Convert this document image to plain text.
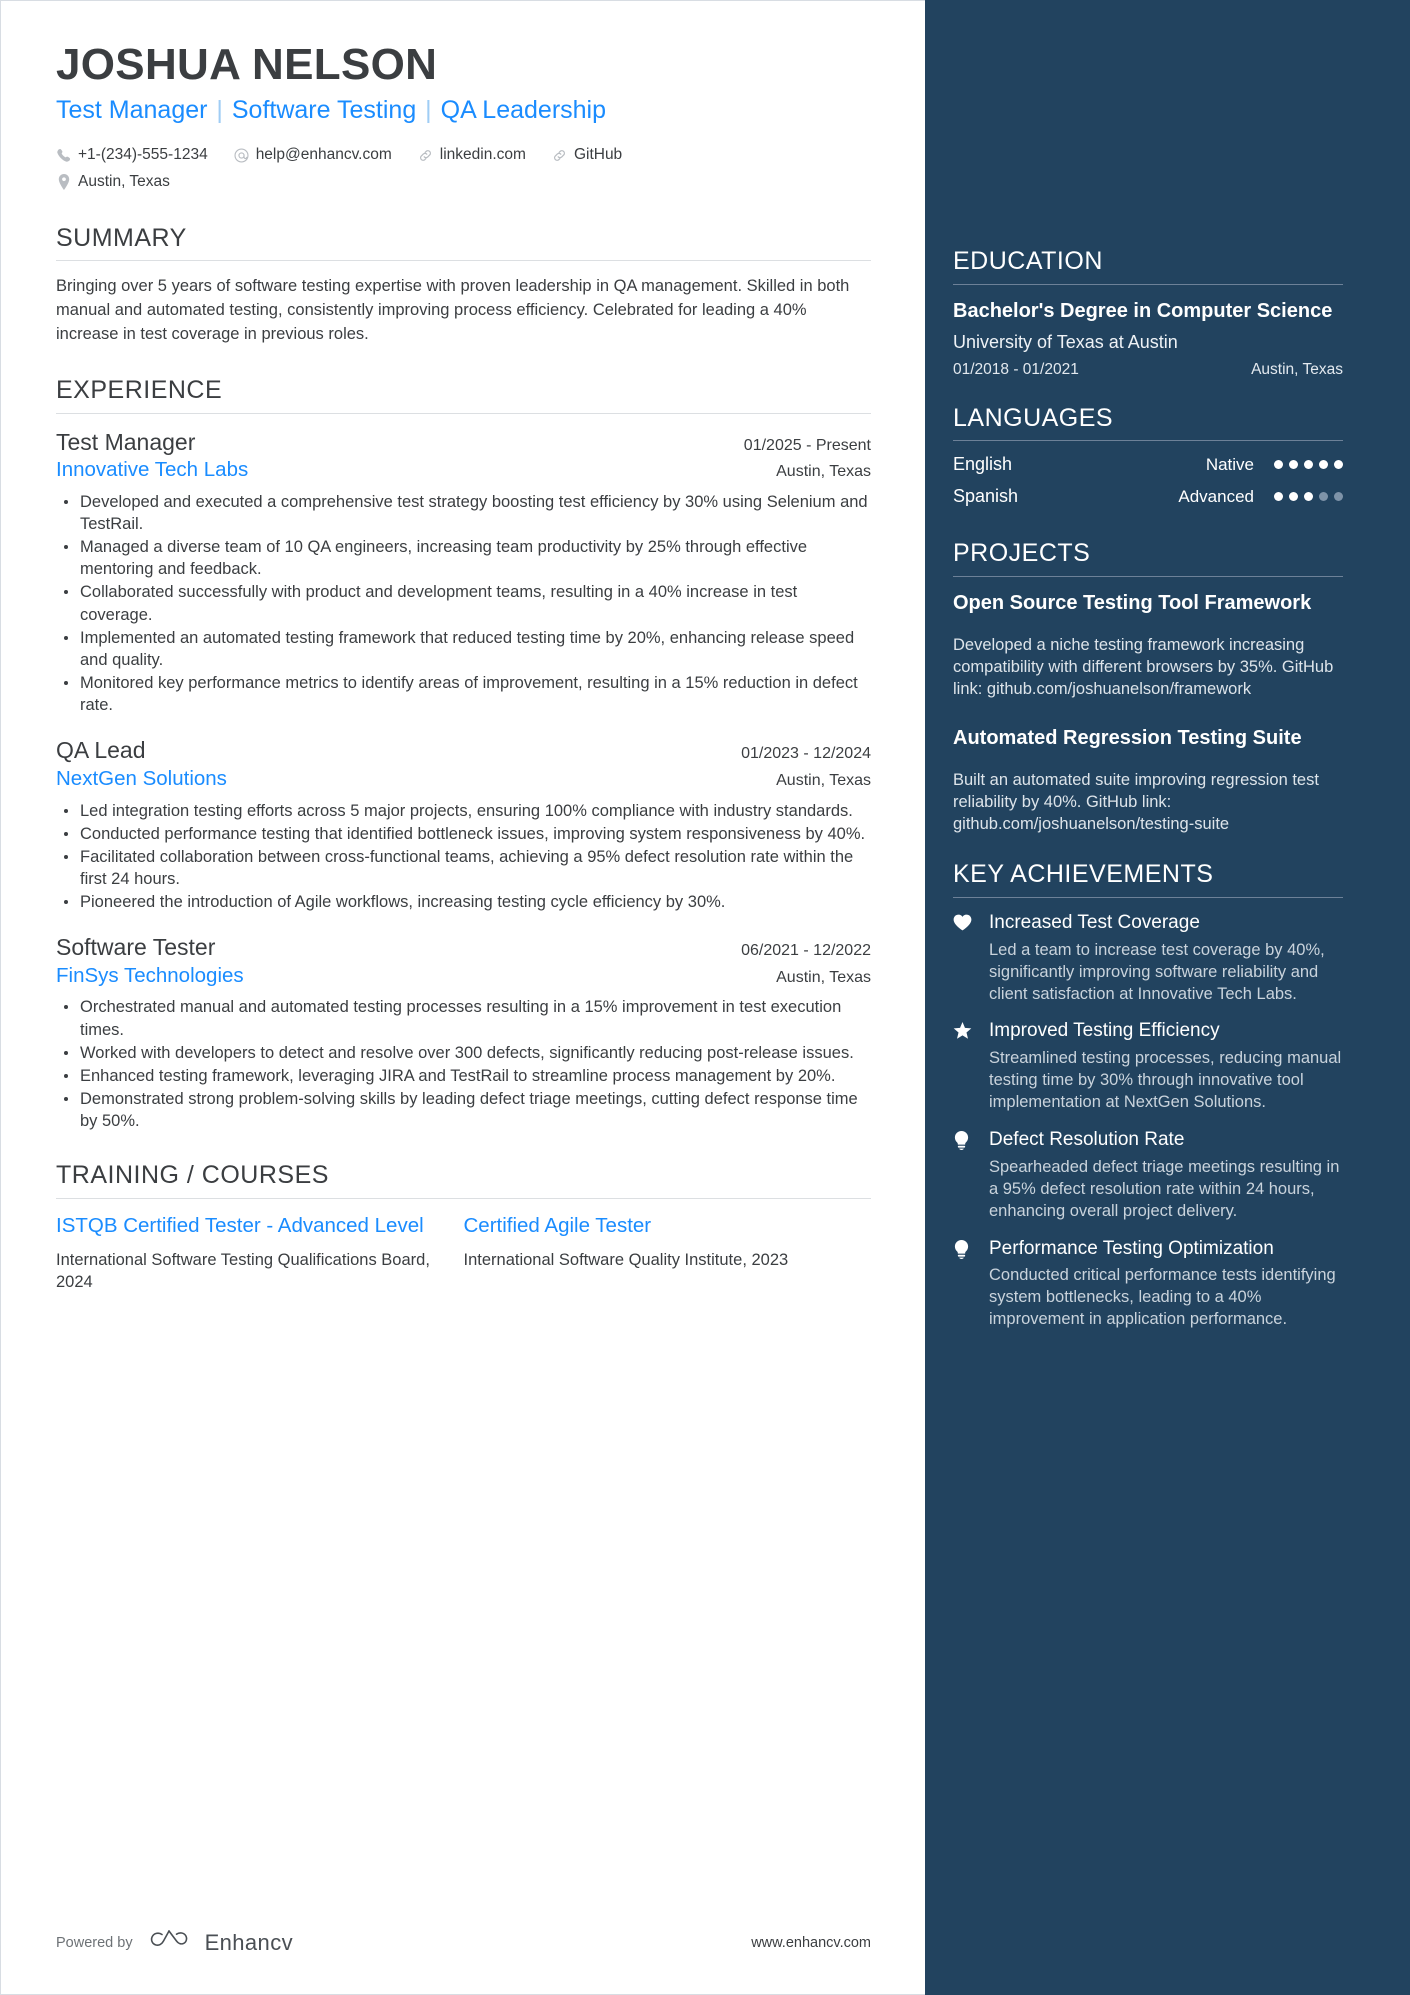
EDUCATION
Bachelor's Degree in Computer Science
University of Texas at Austin
01/2018 - 01/2021	Austin, Texas
LANGUAGES
English	Native
Spanish	Advanced
PROJECTS
Open Source Testing Tool Framework
Developed a niche testing framework increasing compatibility with different browsers by 35%. GitHub link: github.com/joshuanelson/framework
Automated Regression Testing Suite
Built an automated suite improving regression test reliability by 40%. GitHub link: github.com/joshuanelson/testing-suite
KEY ACHIEVEMENTS
Increased Test Coverage
Led a team to increase test coverage by 40%, significantly improving software reliability and client satisfaction at Innovative Tech Labs.
Improved Testing Efficiency
Streamlined testing processes, reducing manual testing time by 30% through innovative tool implementation at NextGen Solutions.
Defect Resolution Rate
Spearheaded defect triage meetings resulting in a 95% defect resolution rate within 24 hours, enhancing overall project delivery.
Performance Testing Optimization
Conducted critical performance tests identifying system bottlenecks, leading to a 40% improvement in application performance.
JOSHUA NELSON
Test Manager | Software Testing | QA Leadership
+1-(234)-555-1234	help@enhancv.com	linkedin.com	GitHub
Austin, Texas
SUMMARY

Bringing over 5 years of software testing expertise with proven leadership in QA management. Skilled in both manual and automated testing, consistently improving process efficiency. Celebrated for leading a 40% increase in test coverage in previous roles.

EXPERIENCE
Test Manager	01/2025 - Present
Innovative Tech Labs	Austin, Texas
Developed and executed a comprehensive test strategy boosting test efficiency by 30% using Selenium and TestRail.
Managed a diverse team of 10 QA engineers, increasing team productivity by 25% through effective mentoring and feedback.
Collaborated successfully with product and development teams, resulting in a 40% increase in test coverage.
Implemented an automated testing framework that reduced testing time by 20%, enhancing release speed and quality.
Monitored key performance metrics to identify areas of improvement, resulting in a 15% reduction in defect rate.
QA Lead	01/2023 - 12/2024
NextGen Solutions	Austin, Texas
Led integration testing efforts across 5 major projects, ensuring 100% compliance with industry standards.
Conducted performance testing that identified bottleneck issues, improving system responsiveness by 40%.
Facilitated collaboration between cross-functional teams, achieving a 95% defect resolution rate within the first 24 hours.
Pioneered the introduction of Agile workflows, increasing testing cycle efficiency by 30%.
Software Tester	06/2021 - 12/2022
FinSys Technologies	Austin, Texas
Orchestrated manual and automated testing processes resulting in a 15% improvement in test execution times.
Worked with developers to detect and resolve over 300 defects, significantly reducing post-release issues.
Enhanced testing framework, leveraging JIRA and TestRail to streamline process management by 20%.
Demonstrated strong problem-solving skills by leading defect triage meetings, cutting defect response time by 50%.
TRAINING / COURSES
ISTQB Certified Tester - Advanced Level
International Software Testing Qualifications Board, 2024
Certified Agile Tester
International Software Quality Institute, 2023
Powered by	Enhancv	www.enhancv.com
